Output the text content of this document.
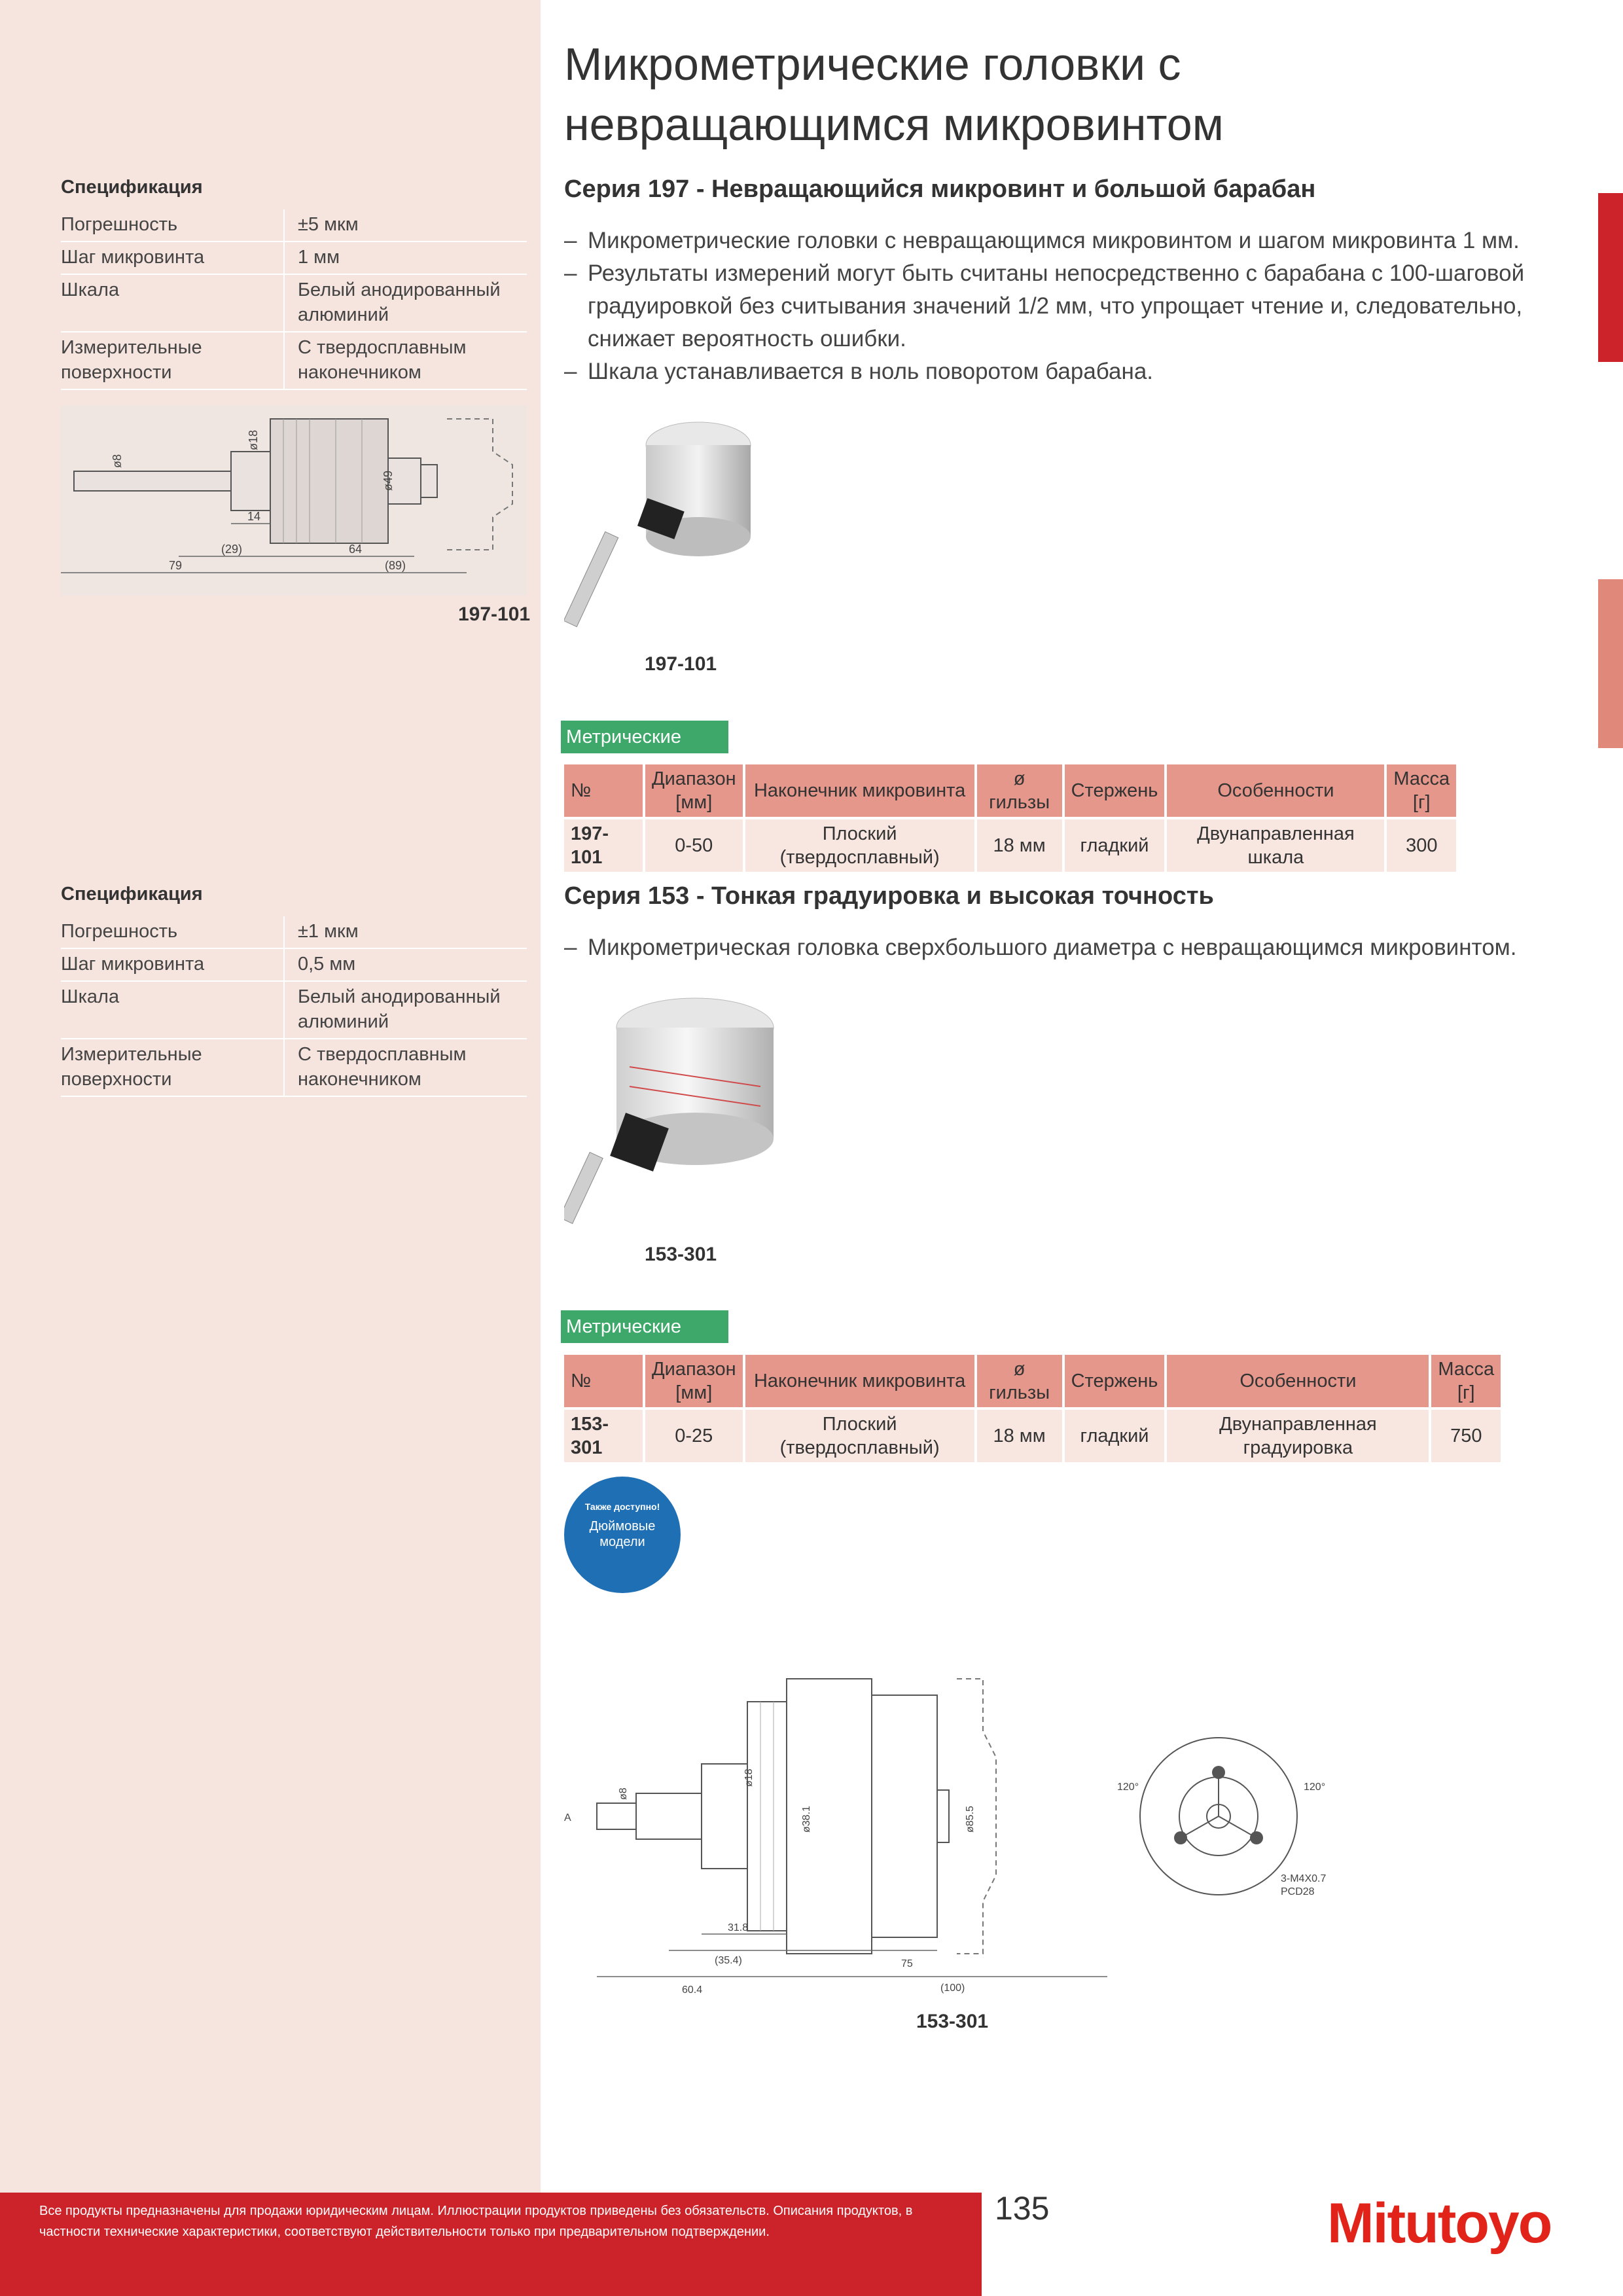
Микрометрические головки с невращающимся микровинтом
Серия 197 - Невращающийся микровинт и большой барабан
– Микрометрические головки с невращающимся микровинтом и шагом микровинта 1 мм.
– Результаты измерений могут быть считаны непосредственно с барабана с 100-шаговой градуировкой без считывания значений 1/2 мм, что упрощает чтение и, следовательно, снижает вероятность ошибки.
– Шкала устанавливается в ноль поворотом барабана.
Спецификация
Погрешность	±5 мкм
Шаг микровинта	1 мм
Шкала	Белый анодированный алюминий
Измерительные поверхности	С твердосплавным наконечником
ø8
ø18
ø49
14
(29)	64
79	(89)
197-101
197-101
Метрические
№	Диапазон [мм]	Наконечник микровинта	ø гильзы	Стержень	Особенности	Масса [г]
197-101	0-50	Плоский (твердосплавный)	18 мм	гладкий	Двунаправленная шкала	300
Серия 153 - Тонкая градуировка и высокая точность
– Микрометрическая головка сверхбольшого диаметра с невращающимся микровинтом.
Спецификация
Погрешность	±1 мкм
Шаг микровинта	0,5 мм
Шкала	Белый анодированный алюминий
Измерительные поверхности	С твердосплавным наконечником
153-301
Метрические
№	Диапазон [мм]	Наконечник микровинта	ø гильзы	Стержень	Особенности	Масса [г]
153-301	0-25	Плоский (твердосплавный)	18 мм	гладкий	Двунаправленная градуировка	750
Также доступно!
Дюймовые модели
ø8
ø18
ø38.1	ø85.5
31.8
(35.4)	75
60.4	(100)
120°	120°
3-M4X0.7
PCD28
A
153-301
Все продукты предназначены для продажи юридическим лицам. Иллюстрации продуктов приведены без обязательств. Описания продуктов, в частности технические характеристики, соответствуют действительности только при предварительном подтверждении.
135	Mitutoyo
